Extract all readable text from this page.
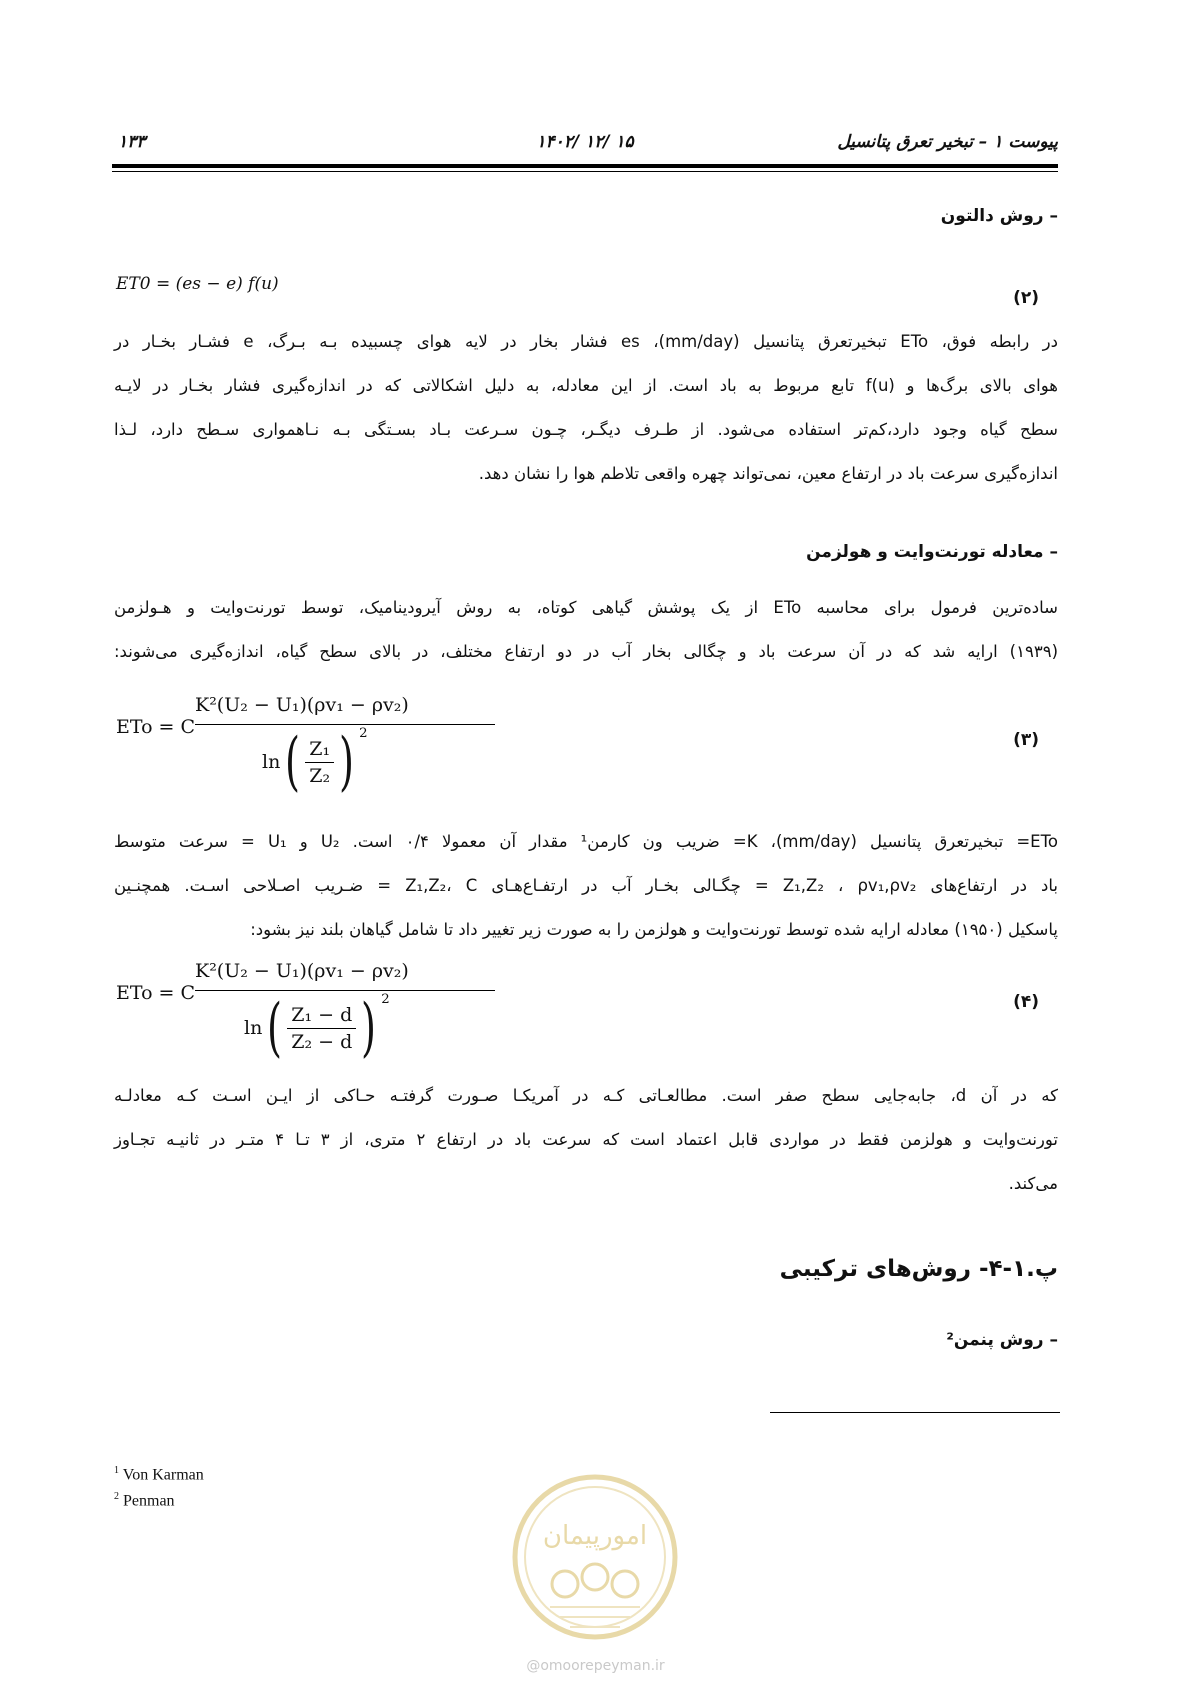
۱۳۳	۱۴۰۲/ ۱۲/ ۱۵	پیوست ۱ – تبخیر تعرق پتانسیل
– روش دالتون
ET0 = (es − e) f(u)
(۲)
در رابطه فوق، ETo تبخیرتعرق پتانسیل (mm/day)، es فشار بخار در لایه هوای چسبیده بـه بـرگ، e فشـار بخـار در
هوای بالای برگ‌ها و f(u) تابع مربوط به باد است. از این معادله، به دلیل اشکالاتی که در اندازه‌گیری فشار بخـار در لایـه
سطح گیاه وجود دارد،کم‌تر استفاده می‌شود. از طـرف دیگـر، چـون سـرعت بـاد بسـتگی بـه نـاهمواری سـطح دارد، لـذا
اندازه‌گیری سرعت باد در ارتفاع معین، نمی‌تواند چهره واقعی تلاطم هوا را نشان دهد.
– معادله تورنت‌وایت و هولزمن
ساده‌ترین فرمول برای محاسبه ETo از یک پوشش گیاهی کوتاه، به روش آیرودینامیک، توسط تورنت‌وایت و هـولزمن
(۱۹۳۹) ارایه شد که در آن سرعت باد و چگالی بخار آب در دو ارتفاع مختلف، در بالای سطح گیاه، اندازه‌گیری می‌شوند:
ETo = C
K²(U₂ − U₁)(ρv₁ − ρv₂)
$\ln( \frac{\text{Z₁}}{\text{Z₂}}$ ) $^2$	(۳)
ETo= تبخیرتعرق پتانسیل (mm/day)، K= ضریب ون کارمن¹ مقدار آن معمولا ۰/۴ است. U₂ و U₁ = سرعت متوسط
باد در ارتفاع‌های Z₁,Z₂ ، ρv₁,ρv₂ = چگـالی بخـار آب در ارتفـاع‌هـای Z₁,Z₂، C = ضـریب اصـلاحی اسـت. همچنـین
پاسکیل (۱۹۵۰) معادله ارایه شده توسط تورنت‌وایت و هولزمن را به صورت زیر تغییر داد تا شامل گیاهان بلند نیز بشود:
ETo = C
K²(U₂ − U₁)(ρv₁ − ρv₂)
$\ln( \frac{\text{Z₁ − d}}{\text{Z₂ − d}}$ ) $^2$	(۴)
که در آن d، جابه‌جایی سطح صفر است. مطالعـاتی کـه در آمریکـا صـورت گرفتـه حـاکی از ایـن اسـت کـه معادلـه
تورنت‌وایت و هولزمن فقط در مواردی قابل اعتماد است که سرعت باد در ارتفاع ۲ متری، از ۳ تـا ۴ متـر در ثانیـه تجـاوز
می‌کند.
پ.۱-۴- روش‌های ترکیبی
– روش پنمن²
$^1$ Von Karman
$^2$ Penman
امورپیمان
@omoorepeyman.ir
